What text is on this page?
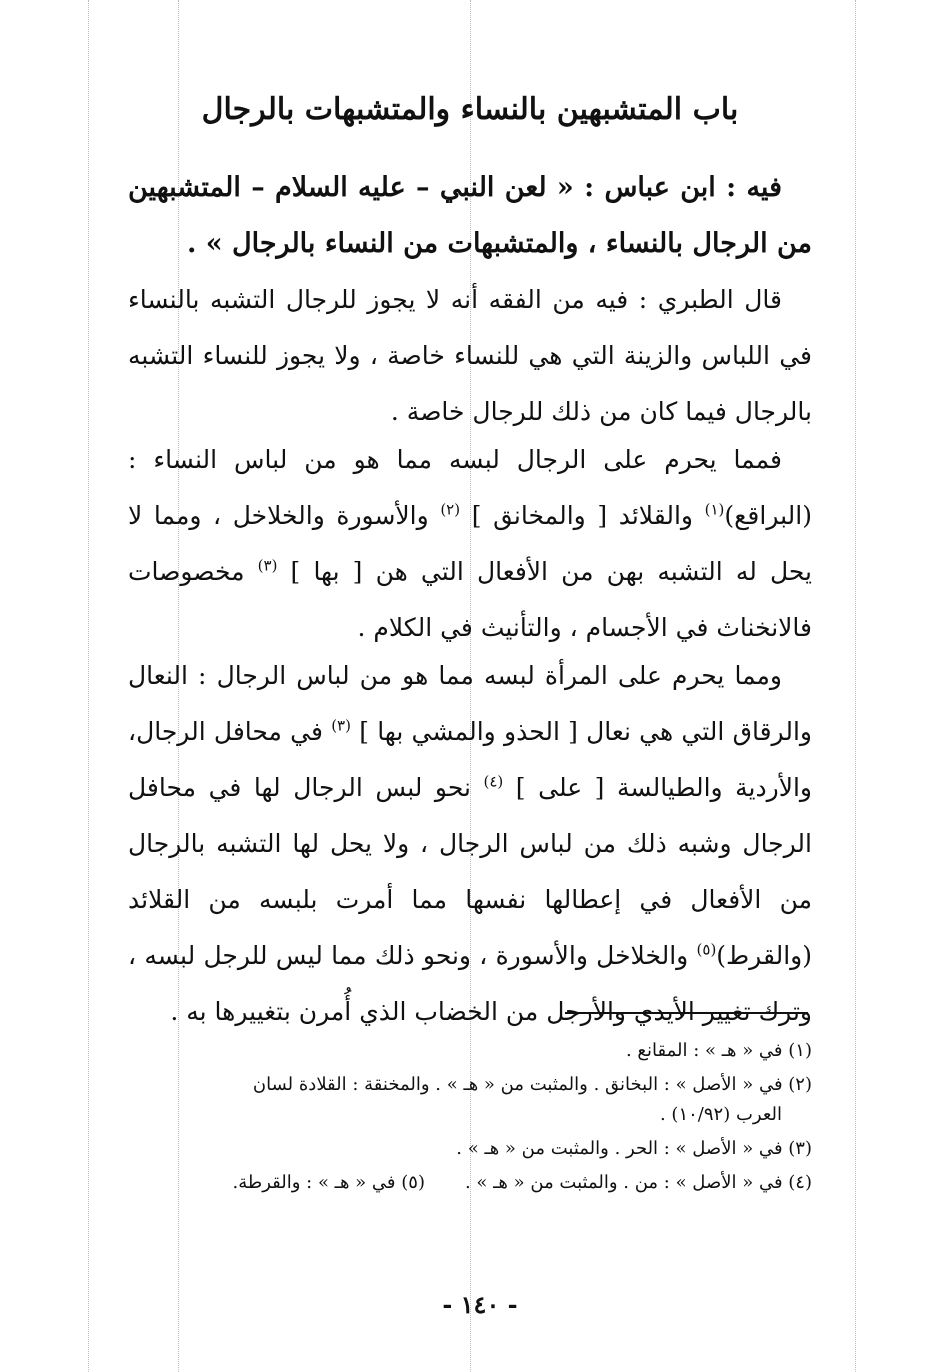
باب المتشبهين بالنساء والمتشبهات بالرجال

فيه : ابن عباس : « لعن النبي – عليه السلام – المتشبهين من الرجال بالنساء ، والمتشبهات من النساء بالرجال » .

قال الطبري : فيه من الفقه أنه لا يجوز للرجال التشبه بالنساء في اللباس والزينة التي هي للنساء خاصة ، ولا يجوز للنساء التشبه بالرجال فيما كان من ذلك للرجال خاصة .

فمما يحرم على الرجال لبسه مما هو من لباس النساء : (البراقع)$^{(١)}$ والقلائد [ والمخانق ] $^{(٢)}$ والأسورة والخلاخل ، ومما لا يحل له التشبه بهن من الأفعال التي هن [ بها ] $^{(٣)}$ مخصوصات فالانخناث في الأجسام ، والتأنيث في الكلام .

ومما يحرم على المرأة لبسه مما هو من لباس الرجال : النعال والرقاق التي هي نعال [ الحذو والمشي بها ] $^{(٣)}$ في محافل الرجال، والأردية والطيالسة [ على ] $^{(٤)}$ نحو لبس الرجال لها في محافل الرجال وشبه ذلك من لباس الرجال ، ولا يحل لها التشبه بالرجال من الأفعال في إعطالها نفسها مما أمرت بلبسه من القلائد (والقرط)$^{(٥)}$ والخلاخل والأسورة ، ونحو ذلك مما ليس للرجل لبسه ، وترك تغيير الأيدي والأرجل من الخضاب الذي أُمرن بتغييرها به .

(١) في « هـ » : المقانع .
(٢) في « الأصل » : البخانق . والمثبت من « هـ » . والمخنقة : القلادة لسان
العرب (١٠/٩٢) .
(٣) في « الأصل » : الحر . والمثبت من « هـ » .
(٤) في « الأصل » : من . والمثبت من « هـ » .(٥) في « هـ » : والقرطة.
- ١٤٠ -
